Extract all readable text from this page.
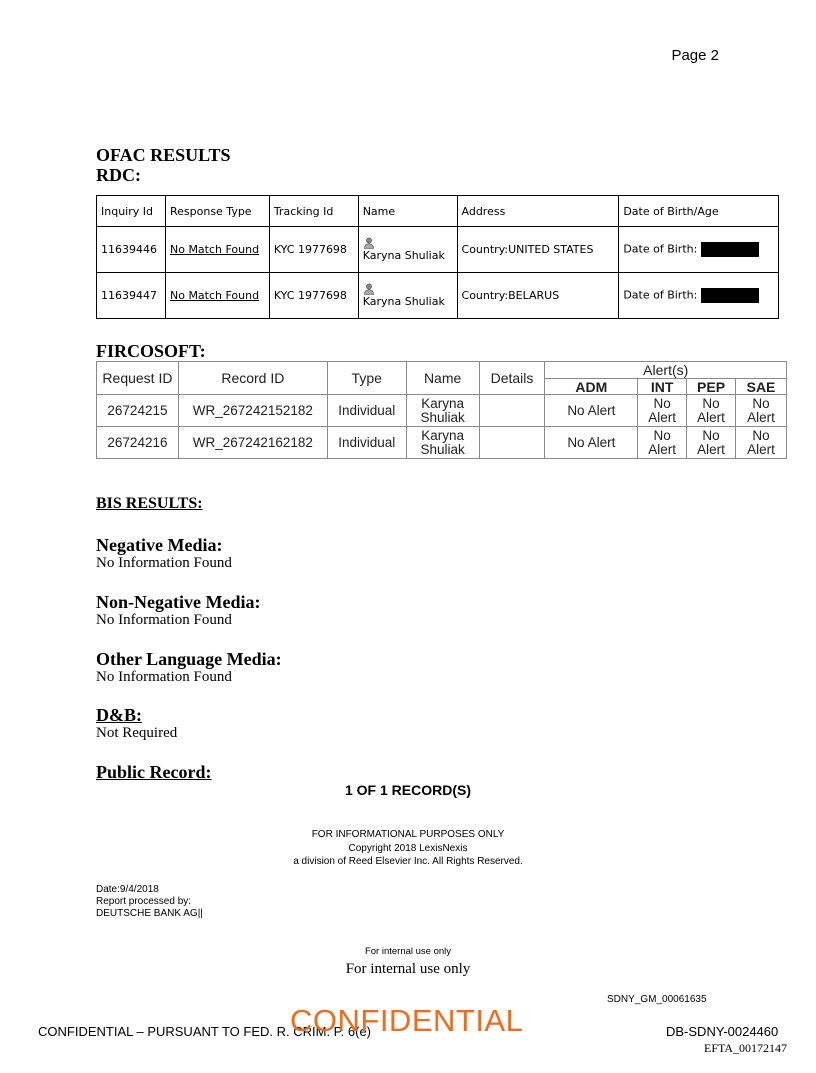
Page 2
OFAC RESULTS
RDC:
Inquiry Id	Response Type	Tracking Id	Name	Address	Date of Birth/Age
11639446	No Match Found	KYC 1977698	Karyna Shuliak	Country:UNITED STATES	Date of Birth:
11639447	No Match Found	KYC 1977698	Karyna Shuliak	Country:BELARUS	Date of Birth:
FIRCOSOFT:
Request ID	Record ID	Type	Name	Details	Alert(s)			
					ADM	INT	PEP	SAE
26724215	WR_267242152182	Individual	Karyna Shuliak		No Alert	No Alert	No Alert	No Alert
26724216	WR_267242162182	Individual	Karyna Shuliak		No Alert	No Alert	No Alert	No Alert
BIS RESULTS:
Negative Media:
No Information Found
Non-Negative Media:
No Information Found
Other Language Media:
No Information Found
D&B:
Not Required
Public Record:
1 OF 1 RECORD(S)
FOR INFORMATIONAL PURPOSES ONLY
Copyright 2018 LexisNexis
a division of Reed Elsevier Inc. All Rights Reserved.
Date:9/4/2018
Report processed by:
DEUTSCHE BANK AG||
For internal use only
For internal use only
SDNY_GM_00061635
CONFIDENTIAL – PURSUANT TO FED. R. CRIM. P. 6(e)
CONFIDENTIAL	DB-SDNY-0024460
EFTA_00172147
